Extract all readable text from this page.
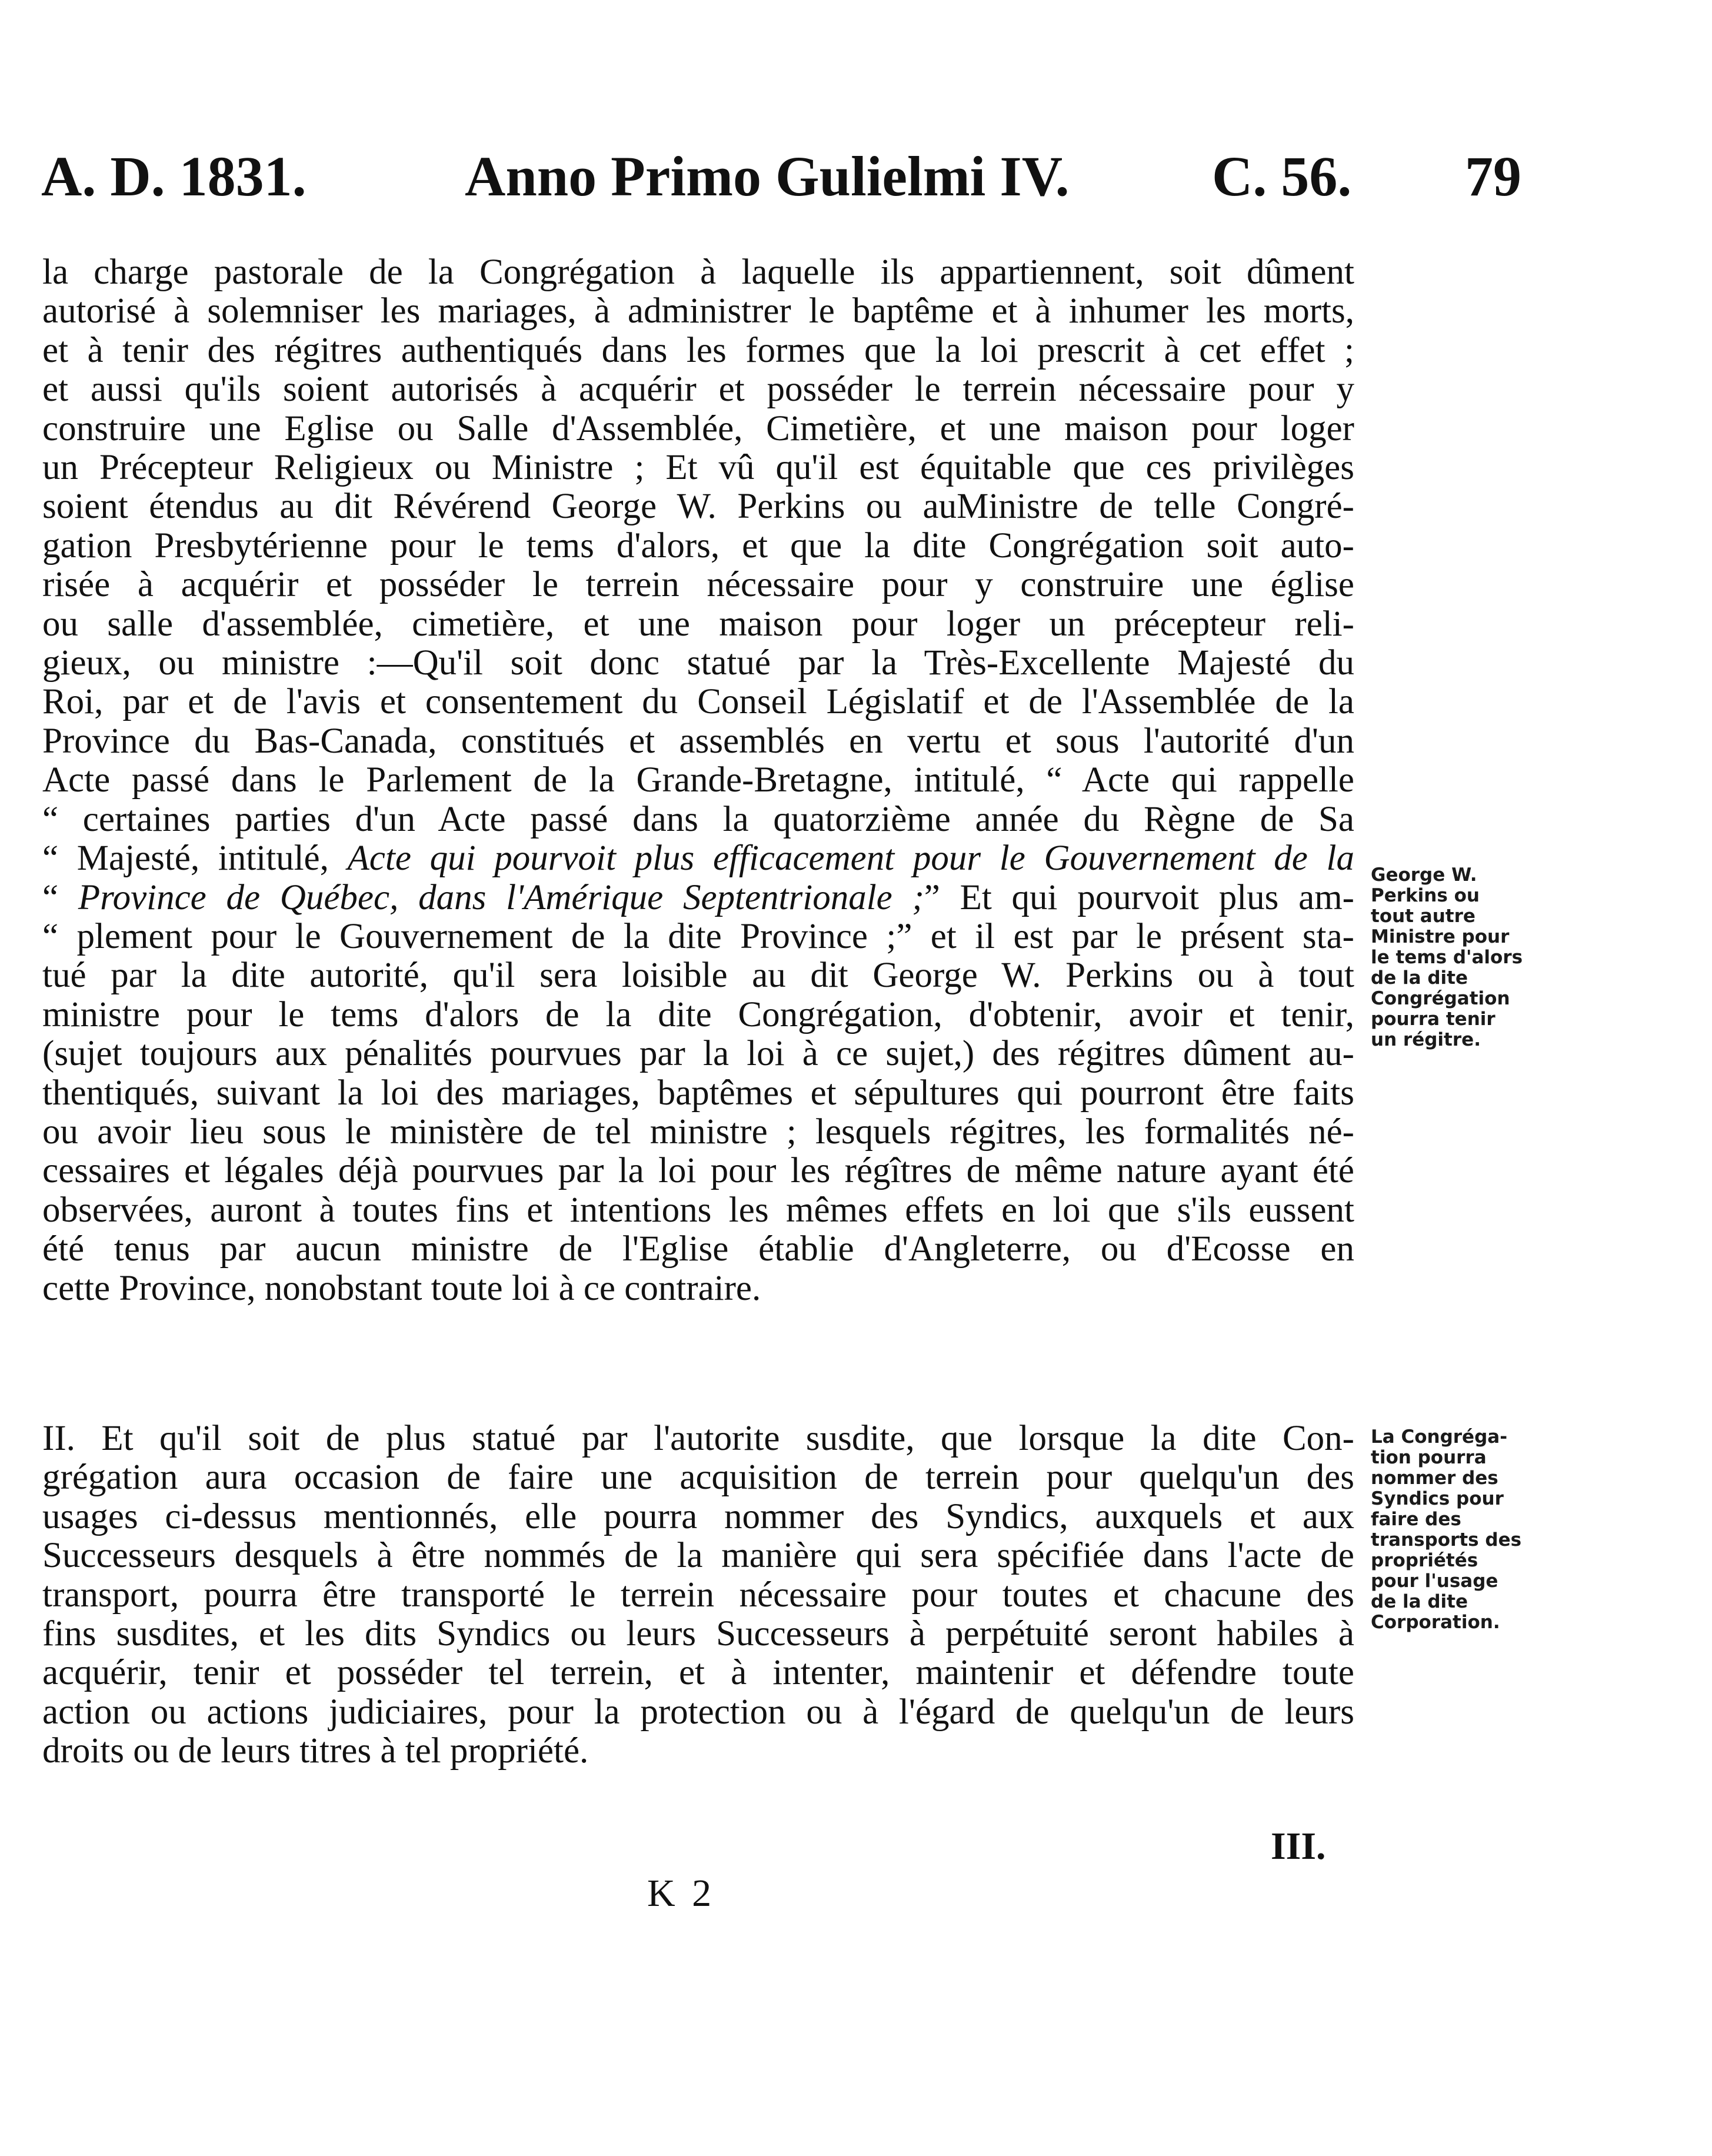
A. D. 1831.	Anno Primo Gulielmi IV.	C. 56. 79
la charge pastorale de la Congrégation à laquelle ils appartiennent, soit dûment
autorisé à solemniser les mariages, à administrer le baptême et à inhumer les morts,
et à tenir des régitres authentiqués dans les formes que la loi prescrit à cet effet ;
et aussi qu'ils soient autorisés à acquérir et posséder le terrein nécessaire pour y
construire une Eglise ou Salle d'Assemblée, Cimetière, et une maison pour loger
un Précepteur Religieux ou Ministre ; Et vû qu'il est équitable que ces privilèges
soient étendus au dit Révérend George W. Perkins ou auMinistre de telle Congré-
gation Presbytérienne pour le tems d'alors, et que la dite Congrégation soit auto-
risée à acquérir et posséder le terrein nécessaire pour y construire une église
ou salle d'assemblée, cimetière, et une maison pour loger un précepteur reli-
gieux, ou ministre :—Qu'il soit donc statué par la Très-Excellente Majesté du
Roi, par et de l'avis et consentement du Conseil Législatif et de l'Assemblée de la
Province du Bas-Canada, constitués et assemblés en vertu et sous l'autorité d'un
Acte passé dans le Parlement de la Grande-Bretagne, intitulé, “ Acte qui rappelle
“ certaines parties d'un Acte passé dans la quatorzième année du Règne de Sa
“ Majesté, intitulé, Acte qui pourvoit plus efficacement pour le Gouvernement de la
“ Province de Québec, dans l'Amérique Septentrionale ;” Et qui pourvoit plus am-
“ plement pour le Gouvernement de la dite Province ;” et il est par le présent sta-
tué par la dite autorité, qu'il sera loisible au dit George W. Perkins ou à tout
ministre pour le tems d'alors de la dite Congrégation, d'obtenir, avoir et tenir,
(sujet toujours aux pénalités pourvues par la loi à ce sujet,) des régitres dûment au-
thentiqués, suivant la loi des mariages, baptêmes et sépultures qui pourront être faits
ou avoir lieu sous le ministère de tel ministre ; lesquels régitres, les formalités né-
cessaires et légales déjà pourvues par la loi pour les régîtres de même nature ayant été
observées, auront à toutes fins et intentions les mêmes effets en loi que s'ils eussent
été tenus par aucun ministre de l'Eglise établie d'Angleterre, ou d'Ecosse en
cette Province, nonobstant toute loi à ce contraire.
George W.
Perkins ou
tout autre
Ministre pour
le tems d'alors
de la dite
Congrégation
pourra tenir
un régitre.
II. Et qu'il soit de plus statué par l'autorite susdite, que lorsque la dite Con-
grégation aura occasion de faire une acquisition de terrein pour quelqu'un des
usages ci-dessus mentionnés, elle pourra nommer des Syndics, auxquels et aux
Successeurs desquels à être nommés de la manière qui sera spécifiée dans l'acte de
transport, pourra être transporté le terrein nécessaire pour toutes et chacune des
fins susdites, et les dits Syndics ou leurs Successeurs à perpétuité seront habiles à
acquérir, tenir et posséder tel terrein, et à intenter, maintenir et défendre toute
action ou actions judiciaires, pour la protection ou à l'égard de quelqu'un de leurs
droits ou de leurs titres à tel propriété.
La Congréga-
tion pourra
nommer des
Syndics pour
faire des
transports des
propriétés
pour l'usage
de la dite
Corporation.
III.
K 2
